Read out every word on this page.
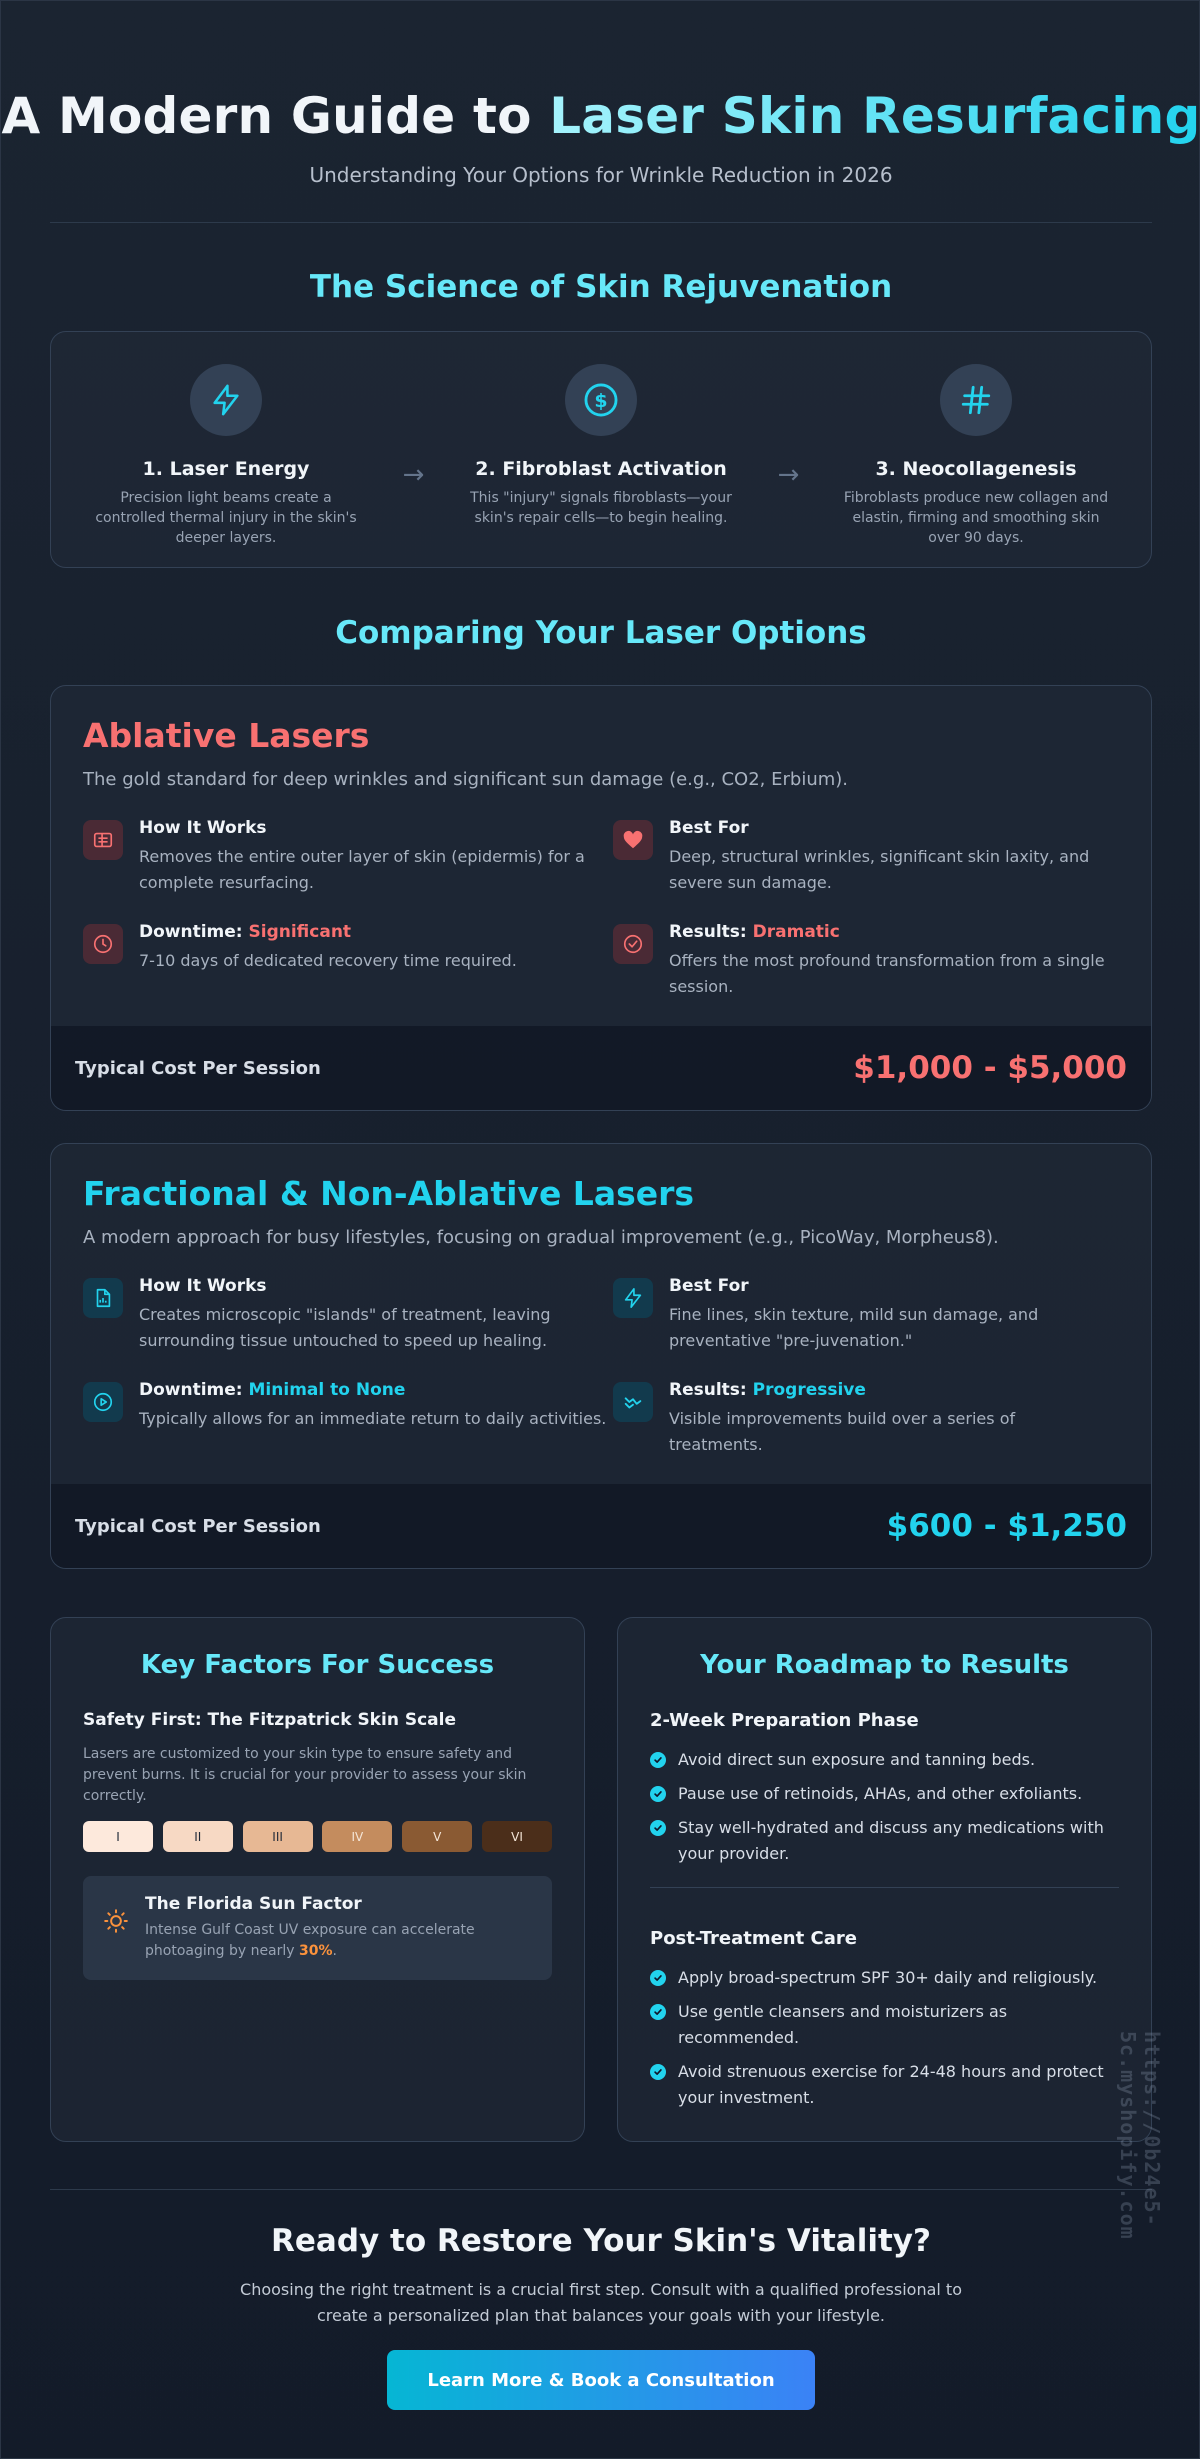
A Modern Guide to Laser Skin Resurfacing
Understanding Your Options for Wrinkle Reduction in 2026
The Science of Skin Rejuvenation
1. Laser Energy
Precision light beams create a controlled thermal injury in the skin's deeper layers.
→
$
2. Fibroblast Activation
This "injury" signals fibroblasts—your skin's repair cells—to begin healing.
→	3. Neocollagenesis
Fibroblasts produce new collagen and elastin, firming and smoothing skin over 90 days.
Comparing Your Laser Options
Ablative Lasers
The gold standard for deep wrinkles and significant sun damage (e.g., CO2, Erbium).
How It Works
Removes the entire outer layer of skin (epidermis) for a complete resurfacing.
Best For
Deep, structural wrinkles, significant skin laxity, and severe sun damage.
Downtime: Significant
7-10 days of dedicated recovery time required.
Results: Dramatic
Offers the most profound transformation from a single session.
Typical Cost Per Session	$1,000 - $5,000
Fractional & Non-Ablative Lasers
A modern approach for busy lifestyles, focusing on gradual improvement (e.g., PicoWay, Morpheus8).
How It Works
Creates microscopic "islands" of treatment, leaving surrounding tissue untouched to speed up healing.
Best For
Fine lines, skin texture, mild sun damage, and preventative "pre-juvenation."
Downtime: Minimal to None
Typically allows for an immediate return to daily activities.
Results: Progressive
Visible improvements build over a series of treatments.
Typical Cost Per Session	$600 - $1,250
Key Factors For Success
Safety First: The Fitzpatrick Skin Scale
Lasers are customized to your skin type to ensure safety and prevent burns. It is crucial for your provider to assess your skin correctly.
I	II	III	IV	V	VI
The Florida Sun Factor
Intense Gulf Coast UV exposure can accelerate photoaging by nearly 30%.
Your Roadmap to Results
2-Week Preparation Phase
Avoid direct sun exposure and tanning beds.
Pause use of retinoids, AHAs, and other exfoliants.
Stay well-hydrated and discuss any medications with your provider.
Post-Treatment Care
Apply broad-spectrum SPF 30+ daily and religiously.
Use gentle cleansers and moisturizers as recommended.
Avoid strenuous exercise for 24-48 hours and protect your investment.
Ready to Restore Your Skin's Vitality?

Choosing the right treatment is a crucial first step. Consult with a qualified professional to create a personalized plan that balances your goals with your lifestyle.

Learn More & Book a Consultation
https://0b24e5-5c.myshopify.com
